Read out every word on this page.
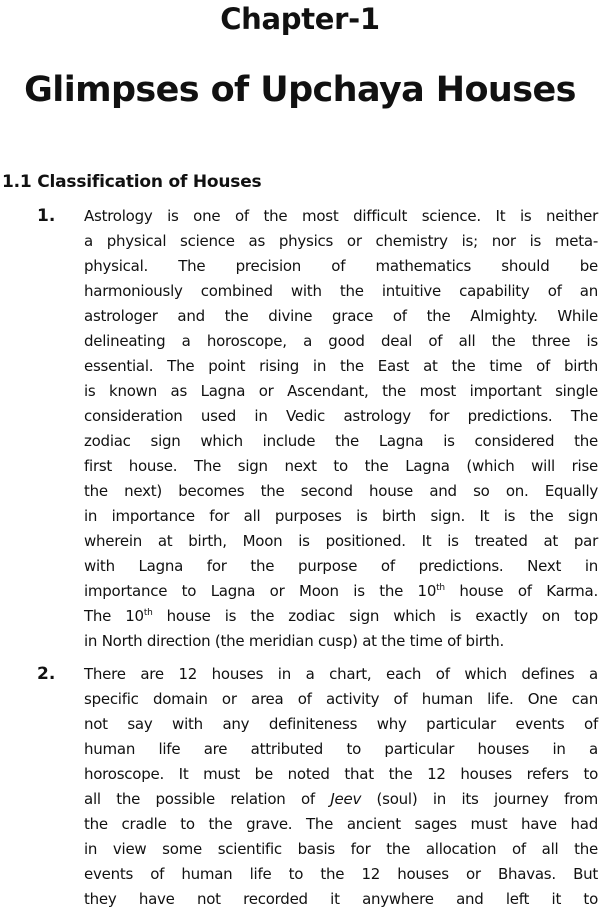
Chapter-1
Glimpses of Upchaya Houses
1.1 Classification of Houses
1. Astrology is one of the most difficult science. It is neither
a physical science as physics or chemistry is; nor is meta-
physical. The precision of mathematics should be
harmoniously combined with the intuitive capability of an
astrologer and the divine grace of the Almighty. While
delineating a horoscope, a good deal of all the three is
essential. The point rising in the East at the time of birth
is known as Lagna or Ascendant, the most important single
consideration used in Vedic astrology for predictions. The
zodiac sign which include the Lagna is considered the
first house. The sign next to the Lagna (which will rise
the next) becomes the second house and so on. Equally
in importance for all purposes is birth sign. It is the sign
wherein at birth, Moon is positioned. It is treated at par
with Lagna for the purpose of predictions. Next in
importance to Lagna or Moon is the 10th house of Karma.
The 10th house is the zodiac sign which is exactly on top
in North direction (the meridian cusp) at the time of birth.
2. There are 12 houses in a chart, each of which defines a
specific domain or area of activity of human life. One can
not say with any definiteness why particular events of
human life are attributed to particular houses in a
horoscope. It must be noted that the 12 houses refers to
all the possible relation of Jeev (soul) in its journey from
the cradle to the grave. The ancient sages must have had
in view some scientific basis for the allocation of all the
events of human life to the 12 houses or Bhavas. But
they have not recorded it anywhere and left it to
